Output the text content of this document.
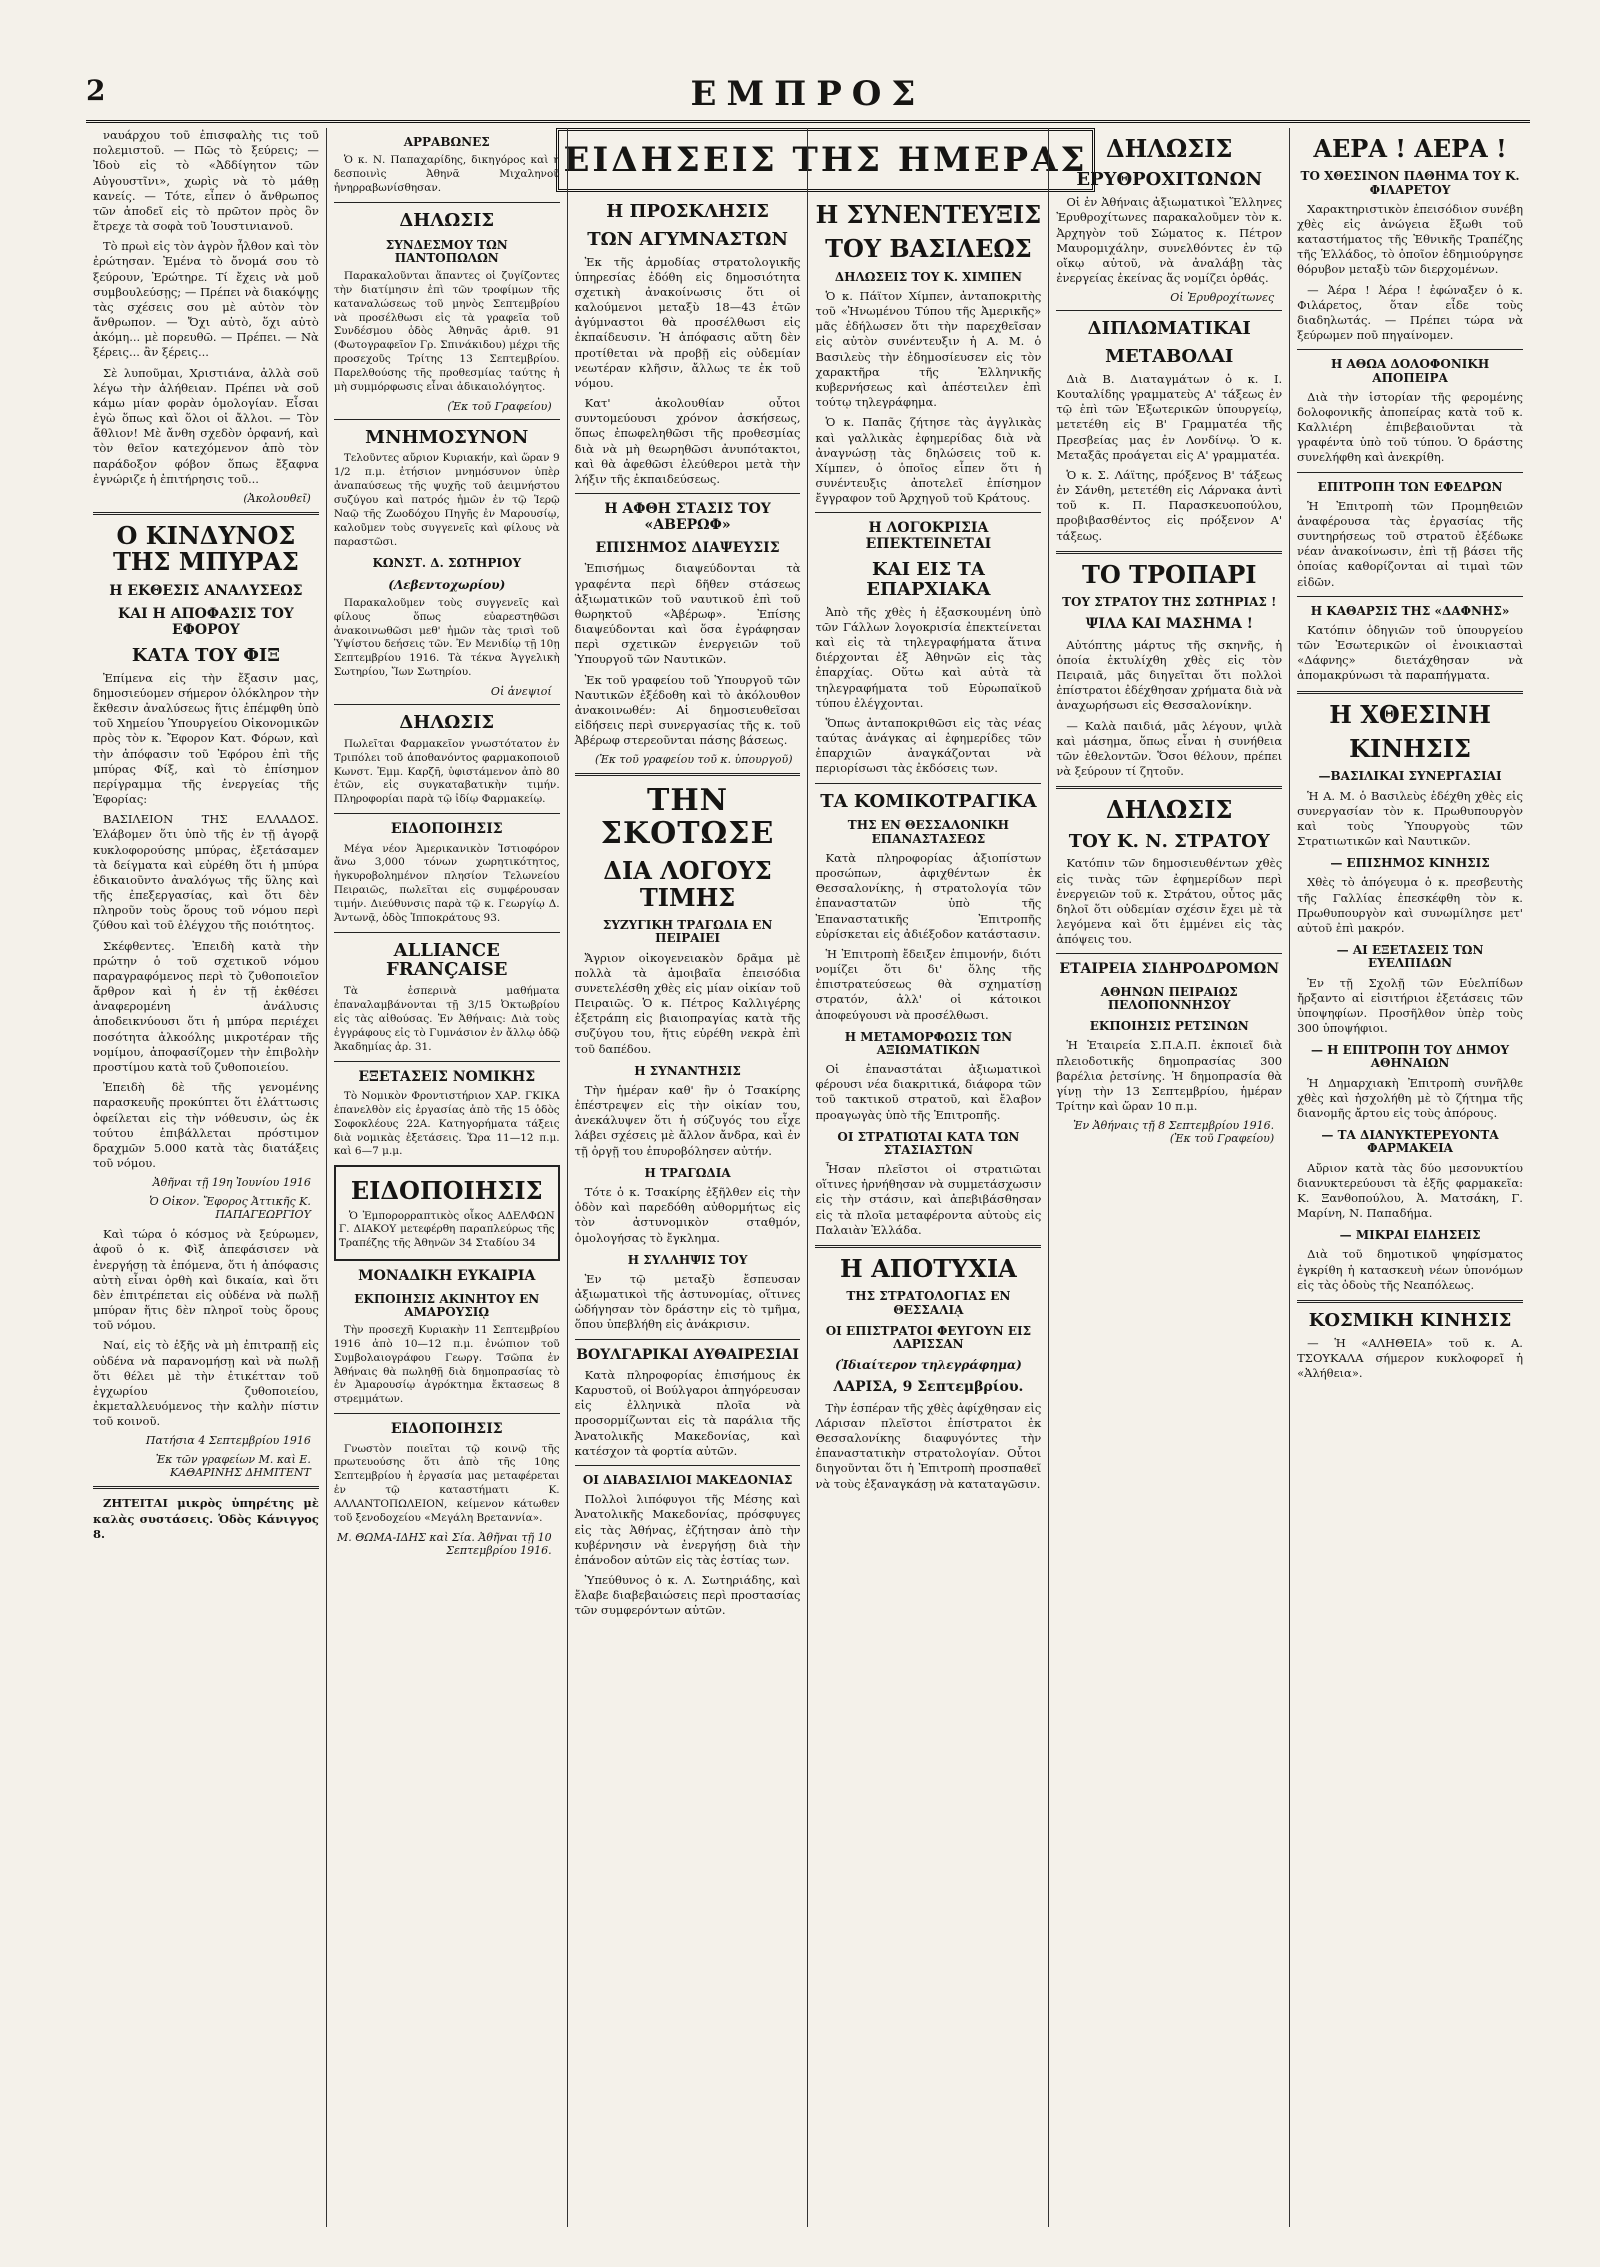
2	ΕΜΠΡΟΣ
ΕΙΔΗΣΕΙΣ ΤΗΣ ΗΜΕΡΑΣ

ναυάρχου τοῦ ἐπισφαλὴς τις τοῦ πολεμιστοῦ. — Πῶς τὸ ξεύρεις; — Ἰδοὺ εἰς τὸ «Ἀδδίγητον τῶν Αὐγουστῖνι», χωρὶς νὰ τὸ μάθῃ κανείς. — Τότε, εἶπεν ὁ ἄνθρωπος τῶν ἀποδεῖ εἰς τὸ πρῶτον πρὸς ὃν ἔτρεχε τὰ σοφὰ τοῦ Ἰουστινιανοῦ.

Τὸ πρωὶ εἰς τὸν ἀγρὸν ἦλθον καὶ τὸν ἐρώτησαν. Ἐμένα τὸ ὄνομά σου τὸ ξεύρουν, Ἐρώτηρε. Τί ἔχεις νὰ μοῦ συμβουλεύσῃς; — Πρέπει νὰ διακόψῃς τὰς σχέσεις σου μὲ αὐτὸν τὸν ἄνθρωπον. — Ὄχι αὐτὸ, ὅχι αὐτὸ ἀκόμη... μὲ πορευθῶ. — Πρέπει. — Νὰ ξέρεις... ἂν ξέρεις...

Σὲ λυποῦμαι, Χριστιάνα, ἀλλὰ σοῦ λέγω τὴν ἀλήθειαν. Πρέπει νὰ σοῦ κάμω μίαν φορὰν ὁμολογίαν. Εἶσαι ἐγὼ ὅπως καὶ ὅλοι οἱ ἄλλοι. — Τὸν ἄθλιον! Μὲ ἄνθη σχεδὸν ὀρφανή, καὶ τὸν θεῖον κατεχόμενον ἀπὸ τὸν παράδοξον φόβον ὅπως ἔξαφνα ἐγνώριζε ἡ ἐπιτήρησις τοῦ...

(Ἀκολουθεῖ)
Ο ΚΙΝΔΥΝΟΣ ΤΗΣ ΜΠΥΡΑΣ
Η ΕΚΘΕΣΙΣ ΑΝΑΛΥΣΕΩΣ
ΚΑΙ Η ΑΠΟΦΑΣΙΣ ΤΟΥ ΕΦΟΡΟΥ
ΚΑΤΑ ΤΟΥ ΦΙΞ

Ἐπίμενα εἰς τὴν ἔξασιν μας, δημοσιεύομεν σήμερον ὁλόκληρον τὴν ἔκθεσιν ἀναλύσεως ἥτις ἐπέμφθη ὑπὸ τοῦ Χημείου Ὑπουργείου Οἰκονομικῶν πρὸς τὸν κ. Ἔφορον Κατ. Φόρων, καὶ τὴν ἀπόφασιν τοῦ Ἐφόρου ἐπὶ τῆς μπύρας Φίξ, καὶ τὸ ἐπίσημον περίγραμμα τῆς ἐνεργείας τῆς Ἐφορίας:

ΒΑΣΙΛΕΙΟΝ ΤΗΣ ΕΛΛΑΔΟΣ. Ἐλάβομεν ὅτι ὑπὸ τῆς ἐν τῇ ἀγορᾷ κυκλοφορούσης μπύρας, ἐξετάσαμεν τὰ δείγματα καὶ εὑρέθη ὅτι ἡ μπύρα ἐδικαιοῦντο ἀναλόγως τῆς ὕλης καὶ τῆς ἐπεξεργασίας, καὶ ὅτι δὲν πληροῦν τοὺς ὅρους τοῦ νόμου περὶ ζύθου καὶ τοῦ ἐλέγχου τῆς ποιότητος.

Σκέφθεντες. Ἐπειδὴ κατὰ τὴν πρώτην ὁ τοῦ σχετικοῦ νόμου παραγραφόμενος περὶ τὸ ζυθοποιεῖον ἄρθρον καὶ ἡ ἐν τῇ ἐκθέσει ἀναφερομένη ἀνάλυσις ἀποδεικνύουσι ὅτι ἡ μπύρα περιέχει ποσότητα ἀλκοόλης μικροτέραν τῆς νομίμου, ἀποφασίζομεν τὴν ἐπιβολὴν προστίμου κατὰ τοῦ ζυθοποιείου.

Ἐπειδὴ δὲ τῆς γενομένης παρασκευῆς προκύπτει ὅτι ἐλάττωσις ὀφείλεται εἰς τὴν νόθευσιν, ὡς ἐκ τούτου ἐπιβάλλεται πρόστιμον δραχμῶν 5.000 κατὰ τὰς διατάξεις τοῦ νόμου.

Ἀθῆναι τῇ 19η Ἰουνίου 1916
Ὁ Οἰκον. Ἔφορος Ἀττικῆς Κ. ΠΑΠΑΓΕΩΡΓΙΟΥ

Καὶ τώρα ὁ κόσμος νὰ ξεύρωμεν, ἀφοῦ ὁ κ. Φὶξ ἀπεφάσισεν νὰ ἐνεργήσῃ τὰ ἐπόμενα, ὅτι ἡ ἀπόφασις αὐτὴ εἶναι ὀρθὴ καὶ δικαία, καὶ ὅτι δὲν ἐπιτρέπεται εἰς οὐδένα νὰ πωλῇ μπύραν ἥτις δὲν πληροῖ τοὺς ὅρους τοῦ νόμου.

Ναί, εἰς τὸ ἑξῆς νὰ μὴ ἐπιτραπῇ εἰς οὐδένα νὰ παρανομήσῃ καὶ νὰ πωλῇ ὅτι θέλει μὲ τὴν ἐτικέτταν τοῦ ἐγχωρίου ζυθοποιείου, ἐκμεταλλευόμενος τὴν καλὴν πίστιν τοῦ κοινοῦ.

Πατήσια 4 Σεπτεμβρίου 1916
Ἐκ τῶν γραφείων Μ. καὶ Ε. ΚΑΘΑΡΙΝΗΣ ΔΗΜΙΤΕΝΤ

ΖΗΤΕΙΤΑΙ μικρὸς ὑπηρέτης μὲ καλὰς συστάσεις. Ὁδὸς Κάνιγγος 8.

ΑΡΡΑΒΩΝΕΣ

Ὁ κ. Ν. Παπαχαρίδης, δικηγόρος καὶ ἡ δεσποινὶς Ἀθηνᾶ Μιχαληνοῦ ἠνηρραβωνίσθησαν.

ΔΗΛΩΣΙΣ
ΣΥΝΔΕΣΜΟΥ ΤΩΝ ΠΑΝΤΟΠΩΛΩΝ

Παρακαλοῦνται ἅπαντες οἱ ζυγίζοντες τὴν διατίμησιν ἐπὶ τῶν τροφίμων τῆς καταναλώσεως τοῦ μηνὸς Σεπτεμβρίου νὰ προσέλθωσι εἰς τὰ γραφεῖα τοῦ Συνδέσμου ὁδὸς Ἀθηνᾶς ἀριθ. 91 (Φωτογραφεῖον Γρ. Σπινάκιδου) μέχρι τῆς προσεχοῦς Τρίτης 13 Σεπτεμβρίου. Παρελθούσης τῆς προθεσμίας ταύτης ἡ μὴ συμμόρφωσις εἶναι ἀδικαιολόγητος.

(Ἐκ τοῦ Γραφείου)
ΜΝΗΜΟΣΥΝΟΝ

Τελοῦντες αὔριον Κυριακήν, καὶ ὥραν 9 1/2 π.μ. ἐτήσιον μνημόσυνον ὑπὲρ ἀναπαύσεως τῆς ψυχῆς τοῦ ἀειμνήστου συζύγου καὶ πατρός ἡμῶν ἐν τῷ Ἱερῷ Ναῷ τῆς Ζωοδόχου Πηγῆς ἐν Μαρουσίῳ, καλοῦμεν τοὺς συγγενεῖς καὶ φίλους νὰ παραστῶσι.

ΚΩΝΣΤ. Δ. ΣΩΤΗΡΙΟΥ
(Λεβεντοχωρίου)

Παρακαλοῦμεν τοὺς συγγενεῖς καὶ φίλους ὅπως εὐαρεστηθῶσι ἀνακοινωθῶσι μεθ' ἡμῶν τὰς τρισὶ τοῦ Ὑψίστου δεήσεις τῶν. Ἐν Μενιδίῳ τῇ 10ῃ Σεπτεμβρίου 1916. Τὰ τέκνα Ἀγγελικὴ Σωτηρίου, Ἴων Σωτηρίου.

Οἱ ἀνεψιοί
ΔΗΛΩΣΙΣ

Πωλεῖται Φαρμακεῖον γνωστότατον ἐν Τριπόλει τοῦ ἀποθανόντος φαρμακοποιοῦ Κωνστ. Ἐμμ. Καρζῆ, ὑφιστάμενον ἀπὸ 80 ἐτῶν, εἰς συγκαταβατικὴν τιμήν. Πληροφορίαι παρὰ τῷ ἰδίῳ Φαρμακείῳ.

ΕΙΔΟΠΟΙΗΣΙΣ

Μέγα νέον Ἀμερικανικὸν Ἱστιοφόρον ἄνω 3,000 τόνων χωρητικότητος, ἡγκυροβολημένον πλησίον Τελωνείου Πειραιῶς, πωλεῖται εἰς συμφέρουσαν τιμήν. Διεύθυνσις παρὰ τῷ κ. Γεωργίῳ Δ. Ἀντωνᾷ, ὁδὸς Ἱπποκράτους 93.

ALLIANCE FRANÇAISE

Τὰ ἐσπερινὰ μαθήματα ἐπαναλαμβάνονται τῇ 3/15 Ὀκτωβρίου εἰς τὰς αἰθούσας. Ἐν Ἀθήναις: Διὰ τοὺς ἐγγράφους εἰς τὸ Γυμνάσιον ἐν ἄλλῳ ὁδῷ Ἀκαδημίας ἀρ. 31.

ΕΞΕΤΑΣΕΙΣ ΝΟΜΙΚΗΣ

Τὸ Νομικὸν Φροντιστήριον ΧΑΡ. ΓΚΙΚΑ ἐπανελθὸν εἰς ἐργασίας ἀπὸ τῆς 15 ὁδὸς Σοφοκλέους 22Α. Κατηγορήματα τάξεις διὰ νομικὰς ἐξετάσεις. Ὥρα 11—12 π.μ. καὶ 6—7 μ.μ.

ΕΙΔΟΠΟΙΗΣΙΣ

Ὁ Ἐμπορορραπτικὸς οἶκος ΑΔΕΛΦΩΝ Γ. ΔΙΑΚΟΥ μετεφέρθη παραπλεύρως τῆς Τραπέζης τῆς Ἀθηνῶν 34 Σταδίου 34

ΜΟΝΑΔΙΚΗ ΕΥΚΑΙΡΙΑ
ΕΚΠΟΙΗΣΙΣ ΑΚΙΝΗΤΟΥ ΕΝ ΑΜΑΡΟΥΣΙῼ

Τὴν προσεχῆ Κυριακὴν 11 Σεπτεμβρίου 1916 ἀπὸ 10—12 π.μ. ἐνώπιον τοῦ Συμβολαιογράφου Γεωργ. Τσῶπα ἐν Ἀθήναις θὰ πωληθῇ διὰ δημοπρασίας τὸ ἐν Ἀμαρουσίῳ ἀγρόκτημα ἔκτασεως 8 στρεμμάτων.

ΕΙΔΟΠΟΙΗΣΙΣ

Γνωστὸν ποιεῖται τῷ κοινῷ τῆς πρωτευούσης ὅτι ἀπὸ τῆς 10ης Σεπτεμβρίου ἡ ἐργασία μας μεταφέρεται ἐν τῷ καταστήματι Κ. ΑΛΛΑΝΤΟΠΩΛΕΙΟΝ, κείμενον κάτωθεν τοῦ ξενοδοχείου «Μεγάλη Βρεταννία».

Μ. ΘΩΜΑ-ΙΔΗΣ καὶ Σία. Ἀθῆναι τῇ 10 Σεπτεμβρίου 1916.
Η ΠΡΟΣΚΛΗΣΙΣ
ΤΩΝ ΑΓΥΜΝΑΣΤΩΝ

Ἐκ τῆς ἁρμοδίας στρατολογικῆς ὑπηρεσίας ἐδόθη εἰς δημοσιότητα σχετικὴ ἀνακοίνωσις ὅτι οἱ καλούμενοι μεταξὺ 18—43 ἐτῶν ἀγύμναστοι θὰ προσέλθωσι εἰς ἐκπαίδευσιν. Ἡ ἀπόφασις αὕτη δὲν προτίθεται νὰ προβῇ εἰς οὐδεμίαν νεωτέραν κλῆσιν, ἄλλως τε ἐκ τοῦ νόμου.

Κατ' ἀκολουθίαν οὗτοι συντομεύουσι χρόνον ἀσκήσεως, ὅπως ἐπωφεληθῶσι τῆς προθεσμίας διὰ νὰ μὴ θεωρηθῶσι ἀνυπότακτοι, καὶ θὰ ἀφεθῶσι ἐλεύθεροι μετὰ τὴν λήξιν τῆς ἐκπαιδεύσεως.

Η ΑΦΘΗ ΣΤΑΣΙΣ ΤΟΥ «ΑΒΕΡΩΦ»
ΕΠΙΣΗΜΟΣ ΔΙΑΨΕΥΣΙΣ

Ἐπισήμως διαψεύδονται τὰ γραφέντα περὶ δῆθεν στάσεως ἀξιωματικῶν τοῦ ναυτικοῦ ἐπὶ τοῦ θωρηκτοῦ «Ἀβέρωφ». Ἐπίσης διαψεύδονται καὶ ὅσα ἐγράφησαν περὶ σχετικῶν ἐνεργειῶν τοῦ Ὑπουργοῦ τῶν Ναυτικῶν.

Ἐκ τοῦ γραφείου τοῦ Ὑπουργοῦ τῶν Ναυτικῶν ἐξέδοθη καὶ τὸ ἀκόλουθον ἀνακοινωθέν: Αἱ δημοσιευθεῖσαι εἰδήσεις περὶ συνεργασίας τῆς κ. τοῦ Ἀβέρωφ στερεοῦνται πάσης βάσεως.

(Ἐκ τοῦ γραφείου τοῦ κ. ὑπουργοῦ)
ΤΗΝ ΣΚΟΤΩΣΕ
ΔΙΑ ΛΟΓΟΥΣ ΤΙΜΗΣ
ΣΥΖΥΓΙΚΗ ΤΡΑΓΩΔΙΑ ΕΝ ΠΕΙΡΑΙΕΙ

Ἄγριον οἰκογενειακὸν δρᾶμα μὲ πολλὰ τὰ ἀμοιβαῖα ἐπεισόδια συνετελέσθη χθὲς εἰς μίαν οἰκίαν τοῦ Πειραιῶς. Ὁ κ. Πέτρος Καλλιγέρης ἐξετράπη εἰς βιαιοπραγίας κατὰ τῆς συζύγου του, ἥτις εὑρέθη νεκρὰ ἐπὶ τοῦ δαπέδου.

Η ΣΥΝΑΝΤΗΣΙΣ

Τὴν ἡμέραν καθ' ἣν ὁ Τσακίρης ἐπέστρεψεν εἰς τὴν οἰκίαν του, ἀνεκάλυψεν ὅτι ἡ σύζυγός του εἶχε λάβει σχέσεις μὲ ἄλλον ἄνδρα, καὶ ἐν τῇ ὀργῇ του ἐπυροβόλησεν αὐτήν.

Η ΤΡΑΓΩΔΙΑ

Τότε ὁ κ. Τσακίρης ἐξῆλθεν εἰς τὴν ὁδὸν καὶ παρεδόθη αὐθορμήτως εἰς τὸν ἀστυνομικὸν σταθμόν, ὁμολογήσας τὸ ἔγκλημα.

Η ΣΥΛΛΗΨΙΣ ΤΟΥ

Ἐν τῷ μεταξὺ ἔσπευσαν ἀξιωματικοὶ τῆς ἀστυνομίας, οἵτινες ὡδήγησαν τὸν δράστην εἰς τὸ τμῆμα, ὅπου ὑπεβλήθη εἰς ἀνάκρισιν.

ΒΟΥΛΓΑΡΙΚΑΙ ΑΥΘΑΙΡΕΣΙΑΙ

Κατὰ πληροφορίας ἐπισήμους ἐκ Καρυστοῦ, οἱ Βούλγαροι ἀπηγόρευσαν εἰς ἐλληνικὰ πλοῖα νὰ προσορμίζωνται εἰς τὰ παράλια τῆς Ἀνατολικῆς Μακεδονίας, καὶ κατέσχον τὰ φορτία αὐτῶν.

ΟΙ ΔΙΑΒΑΣΙΛΙΟΙ ΜΑΚΕΔΟΝΙΑΣ

Πολλοὶ λιπόφυγοι τῆς Μέσης καὶ Ἀνατολικῆς Μακεδονίας, πρόσφυγες εἰς τὰς Ἀθήνας, ἐζήτησαν ἀπὸ τὴν κυβέρνησιν νὰ ἐνεργήσῃ διὰ τὴν ἐπάνοδον αὐτῶν εἰς τὰς ἑστίας των.

Ὑπεύθυνος ὁ κ. Λ. Σωτηριάδης, καὶ ἔλαβε διαβεβαιώσεις περὶ προστασίας τῶν συμφερόντων αὐτῶν.

Η ΣΥΝΕΝΤΕΥΞΙΣ
ΤΟΥ ΒΑΣΙΛΕΩΣ
ΔΗΛΩΣΕΙΣ ΤΟΥ Κ. ΧΙΜΠΕΝ

Ὁ κ. Πάϊτον Χίμπεν, ἀνταποκριτὴς τοῦ «Ἡνωμένου Τύπου τῆς Ἀμερικῆς» μᾶς ἐδήλωσεν ὅτι τὴν παρεχθεῖσαν εἰς αὐτὸν συνέντευξιν ἡ Α. Μ. ὁ Βασιλεὺς τὴν ἐδημοσίευσεν εἰς τὸν χαρακτῆρα τῆς Ἑλληνικῆς κυβερνήσεως καὶ ἀπέστειλεν ἐπὶ τούτῳ τηλεγράφημα.

Ὁ κ. Παπᾶς ζήτησε τὰς ἀγγλικὰς καὶ γαλλικὰς ἐφημερίδας διὰ νὰ ἀναγνώσῃ τὰς δηλώσεις τοῦ κ. Χίμπεν, ὁ ὁποῖος εἶπεν ὅτι ἡ συνέντευξις ἀποτελεῖ ἐπίσημον ἔγγραφον τοῦ Ἀρχηγοῦ τοῦ Κράτους.

Η ΛΟΓΟΚΡΙΣΙΑ ΕΠΕΚΤΕΙΝΕΤΑΙ
ΚΑΙ ΕΙΣ ΤΑ ΕΠΑΡΧΙΑΚΑ

Ἀπὸ τῆς χθὲς ἡ ἐξασκουμένη ὑπὸ τῶν Γάλλων λογοκρισία ἐπεκτείνεται καὶ εἰς τὰ τηλεγραφήματα ἅτινα διέρχονται ἐξ Ἀθηνῶν εἰς τὰς ἐπαρχίας. Οὕτω καὶ αὐτὰ τὰ τηλεγραφήματα τοῦ Εὐρωπαϊκοῦ τύπου ἐλέγχονται.

Ὅπως ἀνταποκριθῶσι εἰς τὰς νέας ταύτας ἀνάγκας αἱ ἐφημερίδες τῶν ἐπαρχιῶν ἀναγκάζονται νὰ περιορίσωσι τὰς ἐκδόσεις των.

ΤΑ ΚΟΜΙΚΟΤΡΑΓΙΚΑ
ΤΗΣ ΕΝ ΘΕΣΣΑΛΟΝΙΚΗ ΕΠΑΝΑΣΤΑΣΕΩΣ

Κατὰ πληροφορίας ἀξιοπίστων προσώπων, ἀφιχθέντων ἐκ Θεσσαλονίκης, ἡ στρατολογία τῶν ἐπαναστατῶν ὑπὸ τῆς Ἐπαναστατικῆς Ἐπιτροπῆς εὑρίσκεται εἰς ἀδιέξοδον κατάστασιν.

Ἡ Ἐπιτροπὴ ἔδειξεν ἐπιμονήν, διότι νομίζει ὅτι δι' ὅλης τῆς ἐπιστρατεύσεως θὰ σχηματίσῃ στρατόν, ἀλλ' οἱ κάτοικοι ἀποφεύγουσι νὰ προσέλθωσι.

Η ΜΕΤΑΜΟΡΦΩΣΙΣ ΤΩΝ ΑΞΙΩΜΑΤΙΚΩΝ

Οἱ ἐπαναστάται ἀξιωματικοὶ φέρουσι νέα διακριτικά, διάφορα τῶν τοῦ τακτικοῦ στρατοῦ, καὶ ἔλαβον προαγωγὰς ὑπὸ τῆς Ἐπιτροπῆς.

ΟΙ ΣΤΡΑΤΙΩΤΑΙ ΚΑΤΑ ΤΩΝ ΣΤΑΣΙΑΣΤΩΝ

Ἦσαν πλεῖστοι οἱ στρατιῶται οἵτινες ἠρνήθησαν νὰ συμμετάσχωσιν εἰς τὴν στάσιν, καὶ ἀπεβιβάσθησαν εἰς τὰ πλοῖα μεταφέροντα αὐτοὺς εἰς Παλαιὰν Ἑλλάδα.

Η ΑΠΟΤΥΧΙΑ
ΤΗΣ ΣΤΡΑΤΟΛΟΓΙΑΣ ΕΝ ΘΕΣΣΑΛΙᾼ
ΟΙ ΕΠΙΣΤΡΑΤΟΙ ΦΕΥΓΟΥΝ ΕΙΣ ΛΑΡΙΣΣΑΝ
(Ἰδιαίτερον τηλεγράφημα)
ΛΑΡΙΣΑ, 9 Σεπτεμβρίου.

Τὴν ἑσπέραν τῆς χθὲς ἀφίχθησαν εἰς Λάρισαν πλεῖστοι ἐπίστρατοι ἐκ Θεσσαλονίκης διαφυγόντες τὴν ἐπαναστατικὴν στρατολογίαν. Οὗτοι διηγοῦνται ὅτι ἡ Ἐπιτροπὴ προσπαθεῖ νὰ τοὺς ἐξαναγκάσῃ νὰ καταταγῶσιν.

ΔΗΛΩΣΙΣ
ΕΡΥΘΡΟΧΙΤΩΝΩΝ

Οἱ ἐν Ἀθήναις ἀξιωματικοὶ Ἕλληνες Ἐρυθροχίτωνες παρακαλοῦμεν τὸν κ. Ἀρχηγὸν τοῦ Σώματος κ. Πέτρον Μαυρομιχάλην, συνελθόντες ἐν τῷ οἴκῳ αὐτοῦ, νὰ ἀναλάβῃ τὰς ἐνεργείας ἐκείνας ἅς νομίζει ὀρθάς.

Οἱ Ἐρυθροχίτωνες
ΔΙΠΛΩΜΑΤΙΚΑΙ
ΜΕΤΑΒΟΛΑΙ

Διὰ Β. Διαταγμάτων ὁ κ. Ι. Κουταλίδης γραμματεὺς Α' τάξεως ἐν τῷ ἐπὶ τῶν Ἐξωτερικῶν ὑπουργείῳ, μετετέθη εἰς Β' Γραμματέα τῆς Πρεσβείας μας ἐν Λονδίνῳ. Ὁ κ. Μεταξᾶς προάγεται εἰς Α' γραμματέα.

Ὁ κ. Σ. Λάϊτης, πρόξενος Β' τάξεως ἐν Σάνθη, μετετέθη εἰς Λάρνακα ἀντὶ τοῦ κ. Π. Παρασκευοπούλου, προβιβασθέντος εἰς πρόξενον Α' τάξεως.

ΤΟ ΤΡΟΠΑΡΙ
ΤΟΥ ΣΤΡΑΤΟΥ ΤΗΣ ΣΩΤΗΡΙΑΣ !
ΨΙΛΑ ΚΑΙ ΜΑΣΗΜΑ !

Αὐτόπτης μάρτυς τῆς σκηνῆς, ἡ ὁποία ἐκτυλίχθη χθὲς εἰς τὸν Πειραιᾶ, μᾶς διηγεῖται ὅτι πολλοὶ ἐπίστρατοι ἐδέχθησαν χρήματα διὰ νὰ ἀναχωρήσωσι εἰς Θεσσαλονίκην.

— Καλὰ παιδιά, μᾶς λέγουν, ψιλὰ καὶ μάσημα, ὅπως εἶναι ἡ συνήθεια τῶν ἐθελοντῶν. Ὅσοι θέλουν, πρέπει νὰ ξεύρουν τί ζητοῦν.

ΔΗΛΩΣΙΣ
ΤΟΥ Κ. Ν. ΣΤΡΑΤΟΥ

Κατόπιν τῶν δημοσιευθέντων χθὲς εἰς τινὰς τῶν ἐφημερίδων περὶ ἐνεργειῶν τοῦ κ. Στράτου, οὗτος μᾶς δηλοῖ ὅτι οὐδεμίαν σχέσιν ἔχει μὲ τὰ λεγόμενα καὶ ὅτι ἐμμένει εἰς τὰς ἀπόψεις του.

ΕΤΑΙΡΕΙΑ ΣΙΔΗΡΟΔΡΟΜΩΝ
ΑΘΗΝΩΝ ΠΕΙΡΑΙΩΣ ΠΕΛΟΠΟΝΝΗΣΟΥ
ΕΚΠΟΙΗΣΙΣ ΡΕΤΣΙΝΩΝ

Ἡ Ἑταιρεία Σ.Π.Α.Π. ἐκποιεῖ διὰ πλειοδοτικῆς δημοπρασίας 300 βαρέλια ῥετσίνης. Ἡ δημοπρασία θὰ γίνῃ τὴν 13 Σεπτεμβρίου, ἡμέραν Τρίτην καὶ ὥραν 10 π.μ.

Ἐν Ἀθήναις τῇ 8 Σεπτεμβρίου 1916. (Ἐκ τοῦ Γραφείου)
ΑΕΡΑ ! ΑΕΡΑ !
ΤΟ ΧΘΕΣΙΝΟΝ ΠΑΘΗΜΑ ΤΟΥ Κ. ΦΙΛΑΡΕΤΟΥ

Χαρακτηριστικὸν ἐπεισόδιον συνέβη χθὲς εἰς ἀνώγεια ἔξωθι τοῦ καταστήματος τῆς Ἐθνικῆς Τραπέζης τῆς Ἑλλάδος, τὸ ὁποῖον ἐδημιούργησε θόρυβον μεταξὺ τῶν διερχομένων.

— Ἀέρα ! Ἀέρα ! ἐφώναξεν ὁ κ. Φιλάρετος, ὅταν εἶδε τοὺς διαδηλωτάς. — Πρέπει τώρα νὰ ξεύρωμεν ποῦ πηγαίνομεν.

Η ΑΘΩΑ ΔΟΛΟΦΟΝΙΚΗ ΑΠΟΠΕΙΡΑ

Διὰ τὴν ἱστορίαν τῆς φερομένης δολοφονικῆς ἀποπείρας κατὰ τοῦ κ. Καλλιέρη ἐπιβεβαιοῦνται τὰ γραφέντα ὑπὸ τοῦ τύπου. Ὁ δράστης συνελήφθη καὶ ἀνεκρίθη.

ΕΠΙΤΡΟΠΗ ΤΩΝ ΕΦΕΔΡΩΝ

Ἡ Ἐπιτροπὴ τῶν Προμηθειῶν ἀναφέρουσα τὰς ἐργασίας τῆς συντηρήσεως τοῦ στρατοῦ ἐξέδωκε νέαν ἀνακοίνωσιν, ἐπὶ τῇ βάσει τῆς ὁποίας καθορίζονται αἱ τιμαὶ τῶν εἰδῶν.

Η ΚΑΘΑΡΣΙΣ ΤΗΣ «ΔΑΦΝΗΣ»

Κατόπιν ὁδηγιῶν τοῦ ὑπουργείου τῶν Ἐσωτερικῶν οἱ ἐνοικιασταὶ «Δάφνης» διετάχθησαν νὰ ἀπομακρύνωσι τὰ παραπήγματα.

Η ΧΘΕΣΙΝΗ
ΚΙΝΗΣΙΣ
—ΒΑΣΙΛΙΚΑΙ ΣΥΝΕΡΓΑΣΙΑΙ

Ἡ Α. Μ. ὁ Βασιλεὺς ἐδέχθη χθὲς εἰς συνεργασίαν τὸν κ. Πρωθυπουργὸν καὶ τοὺς Ὑπουργοὺς τῶν Στρατιωτικῶν καὶ Ναυτικῶν.

— ΕΠΙΣΗΜΟΣ ΚΙΝΗΣΙΣ

Χθὲς τὸ ἀπόγευμα ὁ κ. πρεσβευτὴς τῆς Γαλλίας ἐπεσκέφθη τὸν κ. Πρωθυπουργὸν καὶ συνωμίλησε μετ' αὐτοῦ ἐπὶ μακρόν.

— ΑΙ ΕΞΕΤΑΣΕΙΣ ΤΩΝ ΕΥΕΛΠΙΔΩΝ

Ἐν τῇ Σχολῇ τῶν Εὐελπίδων ἤρξαντο αἱ εἰσιτήριοι ἐξετάσεις τῶν ὑποψηφίων. Προσῆλθον ὑπὲρ τοὺς 300 ὑποψήφιοι.

— Η ΕΠΙΤΡΟΠΗ ΤΟΥ ΔΗΜΟΥ ΑΘΗΝΑΙΩΝ

Ἡ Δημαρχιακὴ Ἐπιτροπὴ συνῆλθε χθὲς καὶ ἠσχολήθη μὲ τὸ ζήτημα τῆς διανομῆς ἄρτου εἰς τοὺς ἀπόρους.

— ΤΑ ΔΙΑΝΥΚΤΕΡΕΥΟΝΤΑ ΦΑΡΜΑΚΕΙΑ

Αὔριον κατὰ τὰς δύο μεσονυκτίου διανυκτερεύουσι τὰ ἑξῆς φαρμακεῖα: Κ. Ξανθοπούλου, Ἀ. Ματσάκη, Γ. Μαρίνη, Ν. Παπαδήμα.

— ΜΙΚΡΑΙ ΕΙΔΗΣΕΙΣ

Διὰ τοῦ δημοτικοῦ ψηφίσματος ἐγκρίθη ἡ κατασκευὴ νέων ὑπονόμων εἰς τὰς ὁδοὺς τῆς Νεαπόλεως.

ΚΟΣΜΙΚΗ ΚΙΝΗΣΙΣ

— Ἡ «ΑΛΗΘΕΙΑ» τοῦ κ. Α. ΤΣΟΥΚΑΛΑ σήμερον κυκλοφορεῖ ἡ «Ἀλήθεια».
